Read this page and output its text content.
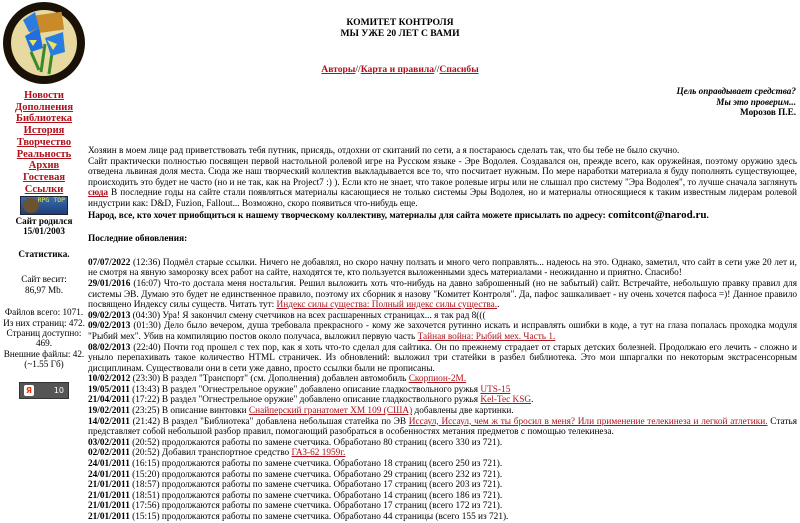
Новости
Дополнения
Библиотека
История
Творчество
Реальность
Архив
Гостевая
Ссылки
RPG TOP
Сайт родился
15/01/2003
Статистика.
Сайт весит:
86,97 Mb.
Файлов всего: 1071.
Из них страниц: 472.
Страниц доступно:
469.
Внешние файлы: 42.
(~1.55 Гб)
Я	10
КОМИТЕТ КОНТРОЛЯ
МЫ УЖЕ 20 ЛЕТ С ВАМИ
Авторы//Карта и правила//Спасибы
Цель оправдывает средства?
Мы это проверим...
Морозов П.Е.

Хозяин в моем лице рад приветствовать тебя путник, присядь, отдохни от скитаний по сети, а я постараюсь сделать так, что бы тебе не было скучно.

Сайт практически полностью посвящен первой настольной ролевой игре на Русском языке - Эре Водолея. Создавался он, прежде всего, как оружейная, поэтому оружию здесь отведена львиная доля места. Сюда же наш творческий коллектив выкладывается все то, что посчитает нужным. По мере наработки материала я буду пополнять существующее, происходить это будет не часто (но и не так, как на Project7 :) ). Если кто не знает, что такое ролевые игры или не слышал про систему "Эра Водолея", то лучше сначала заглянуть сюда В последние годы на сайте стали появляться материалы касающиеся не только системы Эры Водолея, но и материалы относящиеся к таким известным лидерам ролевой индустрии как: D&D, Fuzion, Fallout... Возможно, скоро появиться что-нибудь еще.

Народ, все, кто хочет приобщиться к нашему творческому коллективу, материалы для сайта можете присылать по адресу: comitcont@narod.ru.

Последние обновления:

07/07/2022 (12:36) Подмёл старые ссылки. Ничего не добавлял, но скоро начну ползать и много чего поправлять... надеюсь на это. Однако, заметил, что сайт в сети уже 20 лет и, не смотря на явную заморозку всех работ на сайте, находятся те, кто пользуется выложенными здесь материалами - неожиданно и приятно. Спасибо!

29/01/2016 (16:07) Что-то достала меня ностальгия. Решил выложить хоть что-нибудь на давно заброшенный (но не забытый) сайт. Встречайте, небольшую правку правил для системы ЭВ. Думаю это будет не единственное правило, поэтому их сборник я назову "Комитет Контроля". Да, пафос зашкаливает - ну очень хочется пафоса =)! Данное правило посвящено Индексу силы существ. Читать тут: Индекс силы существа: Полный индекс силы существа..

09/02/2013 (04:30) Ура! Я закончил смену счетчиков на всех расшаренных страницах... я так рад 8(((

09/02/2013 (01:30) Дело было вечером, душа требовала прекрасного - кому же захочется рутинно искать и исправлять ошибки в коде, а тут на глаза попалась проходка модуля "Рыбий мех". Убив на компиляцию постов около получаса, выложил первую часть Тайная война: Рыбий мех. Часть 1.

08/02/2013 (22:40) Почти год прошел с тех пор, как я хоть что-то сделал для сайтика. Он по прежнему страдает от старых детских болезней. Продолжаю его лечить - сложно и уныло перепахивать такое количество HTML страничек. Из обновлений: выложил три статейки в разбел библиотека. Это мои шпаргалки по некоторым экстрасенсорным дисциплинам. Существовали они в сети уже давно, просто ссылки были не прописаны.

10/02/2012 (23:30) В раздел "Транспорт" (см. Дополнения) добавлен автомобиль Скорпион-2М.

19/05/2011 (13:43) В раздел "Огнестрельное оружие" добавлено описание гладкоствольного ружья UTS-15

21/04/2011 (17:22) В раздел "Огнестрельное оружие" добавлено описание гладкоствольного ружья Kel-Tec KSG.

19/02/2011 (23:25) В описание винтовки Снайперский гранатомет XM 109 (США) добавлены две картинки.

14/02/2011 (21:42) В раздел "Библиотека" добавлена небольшая статейка по ЭВ Иссаул, Иссаул, чем ж ты бросил в меня? Или применение телекинеза и легкой атлетики. Статья представляет собой небольшой разбор правил, помогающий разобраться в особенностях метания предметов с помощью телекинеза.

03/02/2011 (20:52) продолжаются работы по замене счетчика. Обработано 80 страниц (всего 330 из 721).

02/02/2011 (20:52) Добавил транспортное средство ГАЗ-62 1959г.

24/01/2011 (16:15) продолжаются работы по замене счетчика. Обработано 18 страниц (всего 250 из 721).

24/01/2011 (15:20) продолжаются работы по замене счетчика. Обработано 29 страниц (всего 232 из 721).

21/01/2011 (18:57) продолжаются работы по замене счетчика. Обработано 17 страниц (всего 203 из 721).

21/01/2011 (18:51) продолжаются работы по замене счетчика. Обработано 14 страниц (всего 186 из 721).

21/01/2011 (17:56) продолжаются работы по замене счетчика. Обработано 17 страниц (всего 172 из 721).

21/01/2011 (15:15) продолжаются работы по замене счетчика. Обработано 44 страницы (всего 155 из 721).
